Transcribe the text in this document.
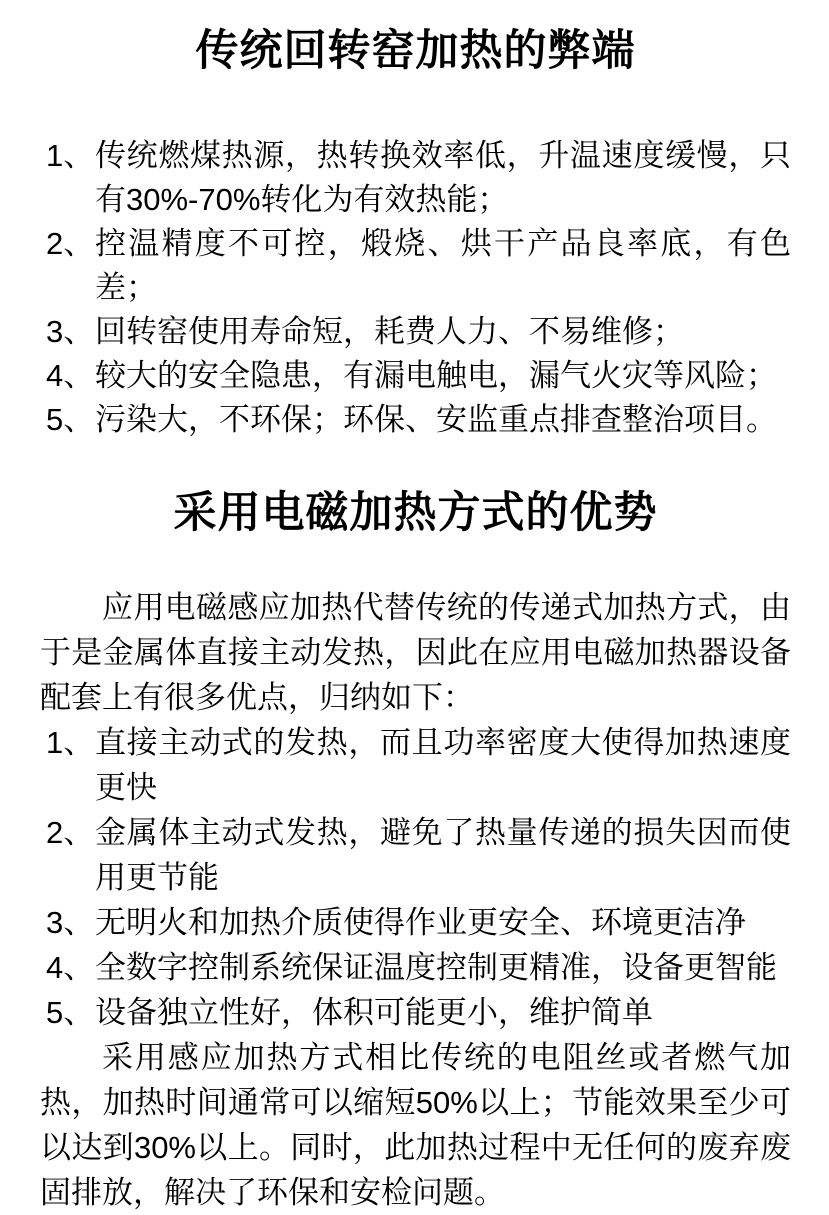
传统回转窑加热的弊端
1、 传统燃煤热源，热转换效率低，升温速度缓慢，只有30%-70%转化为有效热能；
2、 控温精度不可控，煅烧、烘干产品良率底，有色差；
3、 回转窑使用寿命短，耗费人力、不易维修；
4、 较大的安全隐患，有漏电触电，漏气火灾等风险；
5、 污染大，不环保；环保、安监重点排查整治项目。
采用电磁加热方式的优势

应用电磁感应加热代替传统的传递式加热方式，由于是金属体直接主动发热，因此在应用电磁加热器设备配套上有很多优点，归纳如下：

1、 直接主动式的发热，而且功率密度大使得加热速度更快
2、 金属体主动式发热，避免了热量传递的损失因而使用更节能
3、 无明火和加热介质使得作业更安全、环境更洁净
4、 全数字控制系统保证温度控制更精准，设备更智能
5、 设备独立性好，体积可能更小，维护简单

采用感应加热方式相比传统的电阻丝或者燃气加热，加热时间通常可以缩短50%以上；节能效果至少可以达到30%以上。同时，此加热过程中无任何的废弃废固排放，解决了环保和安检问题。
